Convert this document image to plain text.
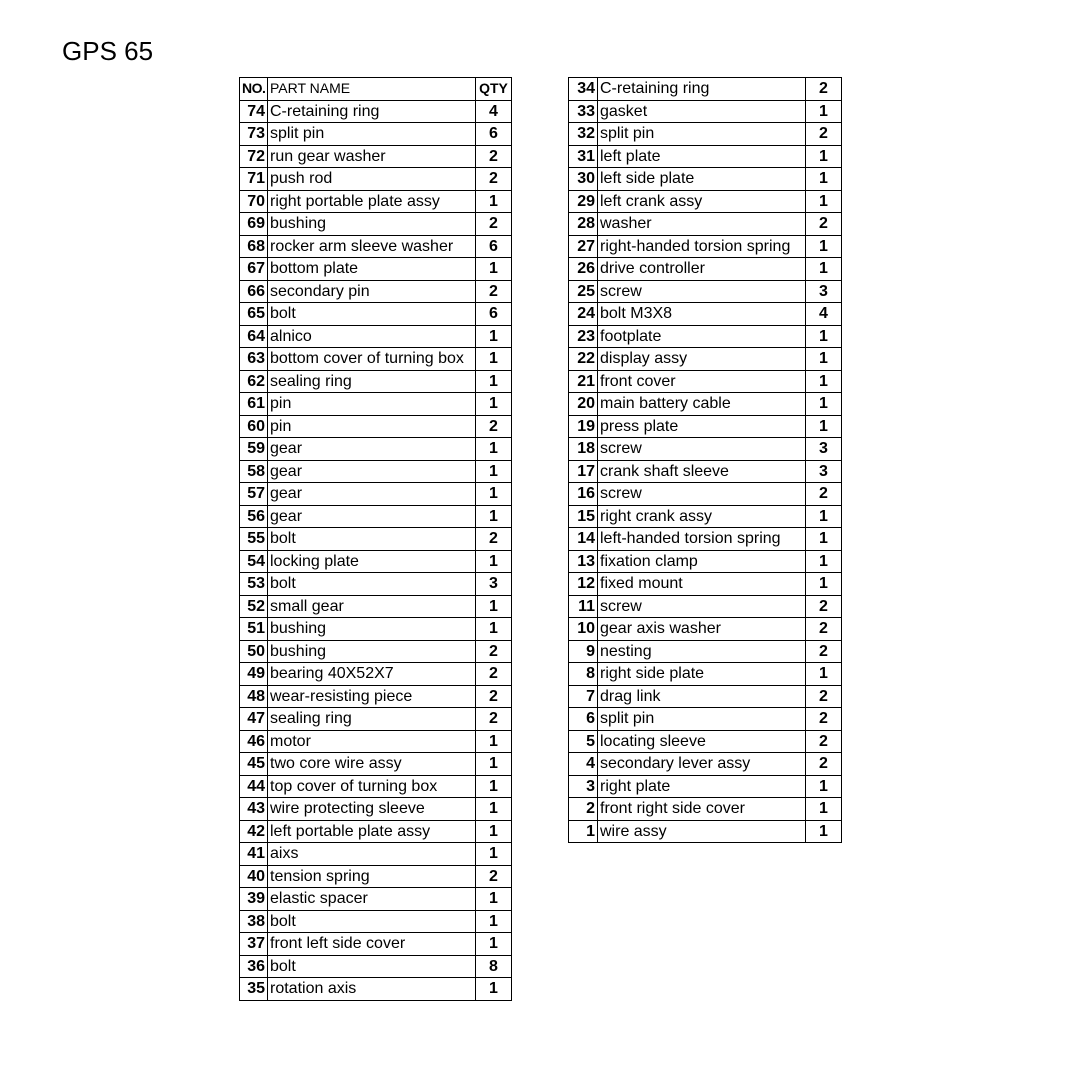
GPS 65
NO.	PART NAME	QTY
74	C-retaining ring	4
73	split pin	6
72	run gear washer	2
71	push rod	2
70	right portable plate assy	1
69	bushing	2
68	rocker arm sleeve washer	6
67	bottom plate	1
66	secondary pin	2
65	bolt	6
64	alnico	1
63	bottom cover of turning box	1
62	sealing ring	1
61	pin	1
60	pin	2
59	gear	1
58	gear	1
57	gear	1
56	gear	1
55	bolt	2
54	locking plate	1
53	bolt	3
52	small gear	1
51	bushing	1
50	bushing	2
49	bearing 40X52X7	2
48	wear-resisting piece	2
47	sealing ring	2
46	motor	1
45	two core wire assy	1
44	top cover of turning box	1
43	wire protecting sleeve	1
42	left portable plate assy	1
41	aixs	1
40	tension spring	2
39	elastic spacer	1
38	bolt	1
37	front left side cover	1
36	bolt	8
35	rotation axis	1
34	C-retaining ring	2
33	gasket	1
32	split pin	2
31	left plate	1
30	left side plate	1
29	left crank assy	1
28	washer	2
27	right-handed torsion spring	1
26	drive controller	1
25	screw	3
24	bolt M3X8	4
23	footplate	1
22	display assy	1
21	front cover	1
20	main battery cable	1
19	press plate	1
18	screw	3
17	crank shaft sleeve	3
16	screw	2
15	right crank assy	1
14	left-handed torsion spring	1
13	fixation clamp	1
12	fixed mount	1
11	screw	2
10	gear axis washer	2
9	nesting	2
8	right side plate	1
7	drag link	2
6	split pin	2
5	locating sleeve	2
4	secondary lever assy	2
3	right plate	1
2	front right side cover	1
1	wire assy	1
